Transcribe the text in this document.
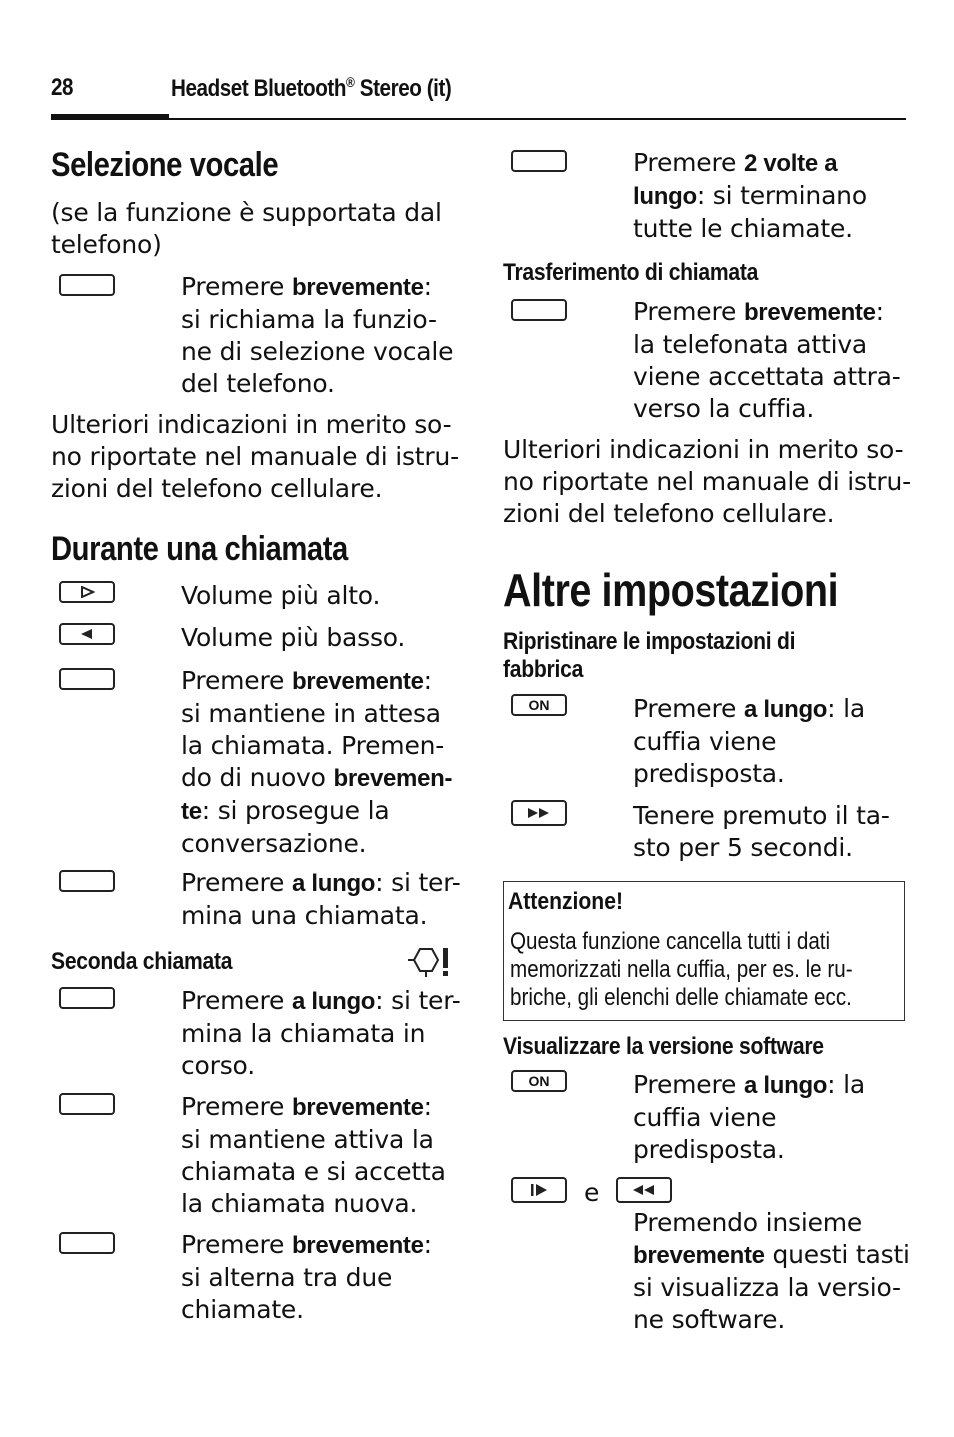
28	Headset Bluetooth® Stereo (it)
Selezione vocale
(se la funzione è supportata dal
telefono)
Premere brevemente:
si richiama la funzio-
ne di selezione vocale
del telefono.
Ulteriori indicazioni in merito so-
no riportate nel manuale di istru-
zioni del telefono cellulare.
Durante una chiamata
Volume più alto.
Volume più basso.
Premere brevemente:
si mantiene in attesa
la chiamata. Premen-
do di nuovo brevemen-
te: si prosegue la
conversazione.
Premere a lungo: si ter-
mina una chiamata.
Seconda chiamata
Premere a lungo: si ter-
mina la chiamata in
corso.
Premere brevemente:
si mantiene attiva la
chiamata e si accetta
la chiamata nuova.
Premere brevemente:
si alterna tra due
chiamate.
Premere 2 volte a
lungo: si terminano
tutte le chiamate.
Trasferimento di chiamata
Premere brevemente:
la telefonata attiva
viene accettata attra-
verso la cuffia.
Ulteriori indicazioni in merito so-
no riportate nel manuale di istru-
zioni del telefono cellulare.
Altre impostazioni
Ripristinare le impostazioni di
fabbrica
ON	Premere a lungo: la
cuffia viene
predisposta.
Tenere premuto il ta-
sto per 5 secondi.
Attenzione!
Questa funzione cancella tutti i dati
memorizzati nella cuffia, per es. le ru-
briche, gli elenchi delle chiamate ecc.
Visualizzare la versione software
ON	Premere a lungo: la
cuffia viene
predisposta.
e
Premendo insieme
brevemente questi tasti
si visualizza la versio-
ne software.
